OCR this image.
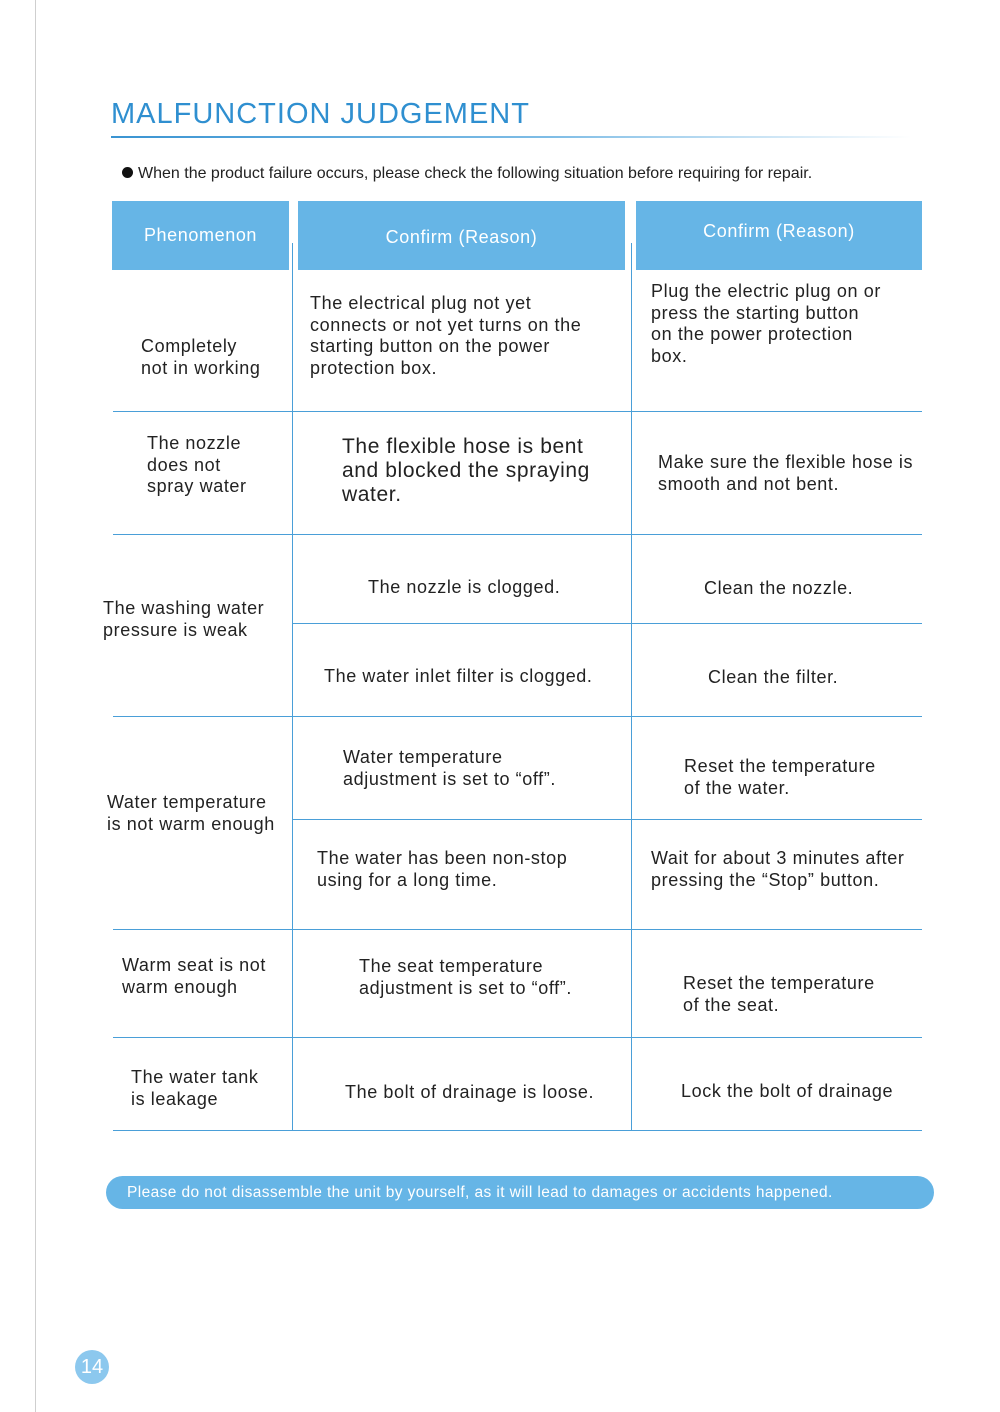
MALFUNCTION JUDGEMENT
When the product failure occurs, please check the following situation before requiring for repair.
Phenomenon	Confirm (Reason)	Confirm (Reason)
Completely
not in working
The nozzle
does not
spray water
The washing water
pressure is weak
Water temperature
is not warm enough
Warm seat is not
warm enough
The water tank
is leakage
The electrical plug not yet
connects or not yet turns on the
starting button on the power
protection box.
The flexible hose is bent
and blocked the spraying
water.
The nozzle is clogged.
The water inlet filter is clogged.
Water temperature
adjustment is set to “off”.
The water has been non-stop
using for a long time.
The seat temperature
adjustment is set to “off”.
The bolt of drainage is loose.
Plug the electric plug on or
press the starting button
on the power protection
box.
Make sure the flexible hose is
smooth and not bent.
Clean the nozzle.
Clean the filter.
Reset the temperature
of the water.
Wait for about 3 minutes after
pressing the “Stop” button.
Reset the temperature
of the seat.
Lock the bolt of drainage
Please do not disassemble the unit by yourself, as it will lead to damages or accidents happened.
14
